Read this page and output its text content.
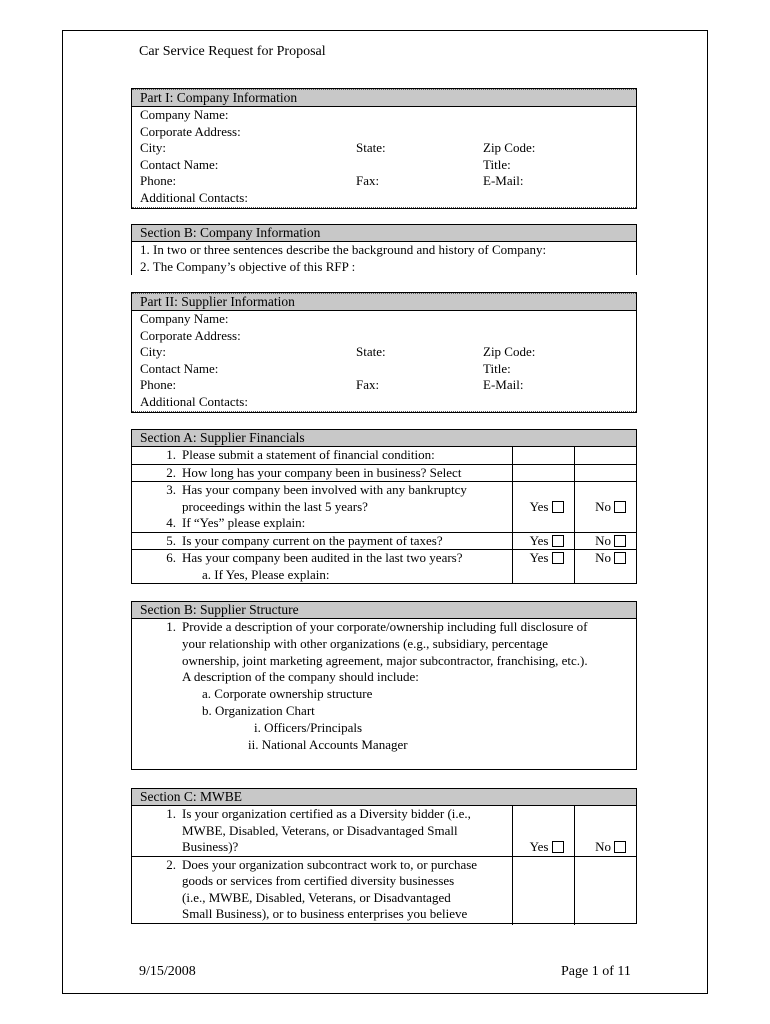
Car Service Request for Proposal
Part I: Company Information
Company Name:
Corporate Address:
City:	State:	Zip Code:
Contact Name:	Title:
Phone:	Fax:	E-Mail:
Additional Contacts:
Section B: Company Information
1. In two or three sentences describe the background and history of Company:
2. The Company’s objective of this RFP :
Part II: Supplier Information
Company Name:
Corporate Address:
City:	State:	Zip Code:
Contact Name:	Title:
Phone:	Fax:	E-Mail:
Additional Contacts:
Section A: Supplier Financials
1. Please submit a statement of financial condition:		
2. How long has your company been in business? Select		

3. Has your company been involved with any bankruptcy
proceedings within the last 5 years?
4. If “Yes” please explain:	Yes	No
5. Is your company current on the payment of taxes?	Yes	No

6. Has your company been audited in the last two years?
a. If Yes, Please explain:	Yes	No
Section B: Supplier Structure
1. Provide a description of your corporate/ownership including full disclosure of
your relationship with other organizations (e.g., subsidiary, percentage
ownership, joint marketing agreement, major subcontractor, franchising, etc.).
A description of the company should include:
a. Corporate ownership structure
b. Organization Chart
i. Officers/Principals
ii. National Accounts Manager
Section C: MWBE
1. Is your organization certified as a Diversity bidder (i.e.,
MWBE, Disabled, Veterans, or Disadvantaged Small
Business)?	Yes	No

2. Does your organization subcontract work to, or purchase
goods or services from certified diversity businesses
(i.e., MWBE, Disabled, Veterans, or Disadvantaged
Small Business), or to business enterprises you believe		

9/15/2008	Page 1 of 11
